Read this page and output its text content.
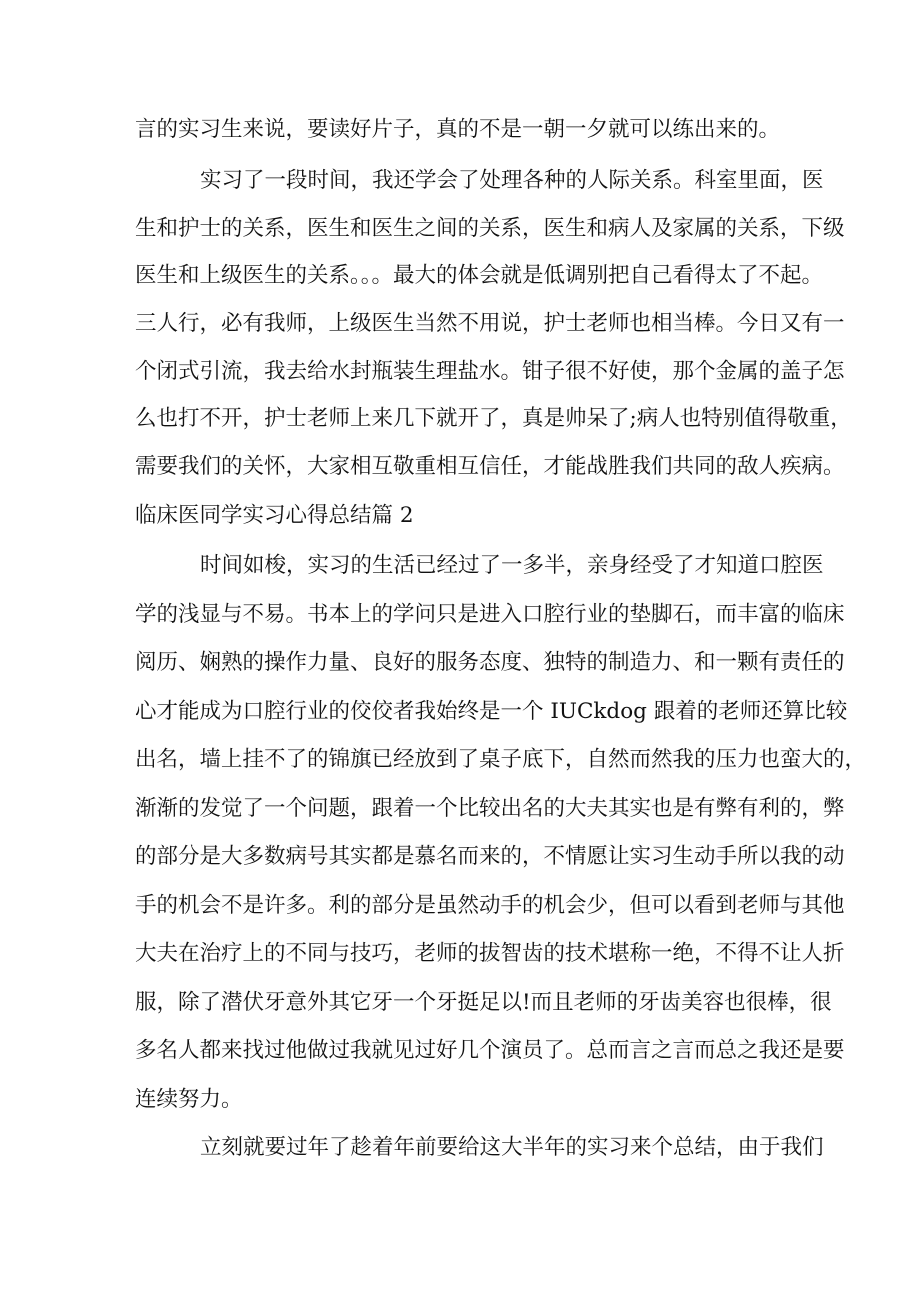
言的实习生来说，要读好片子，真的不是一朝一夕就可以练出来的。
实习了一段时间，我还学会了处理各种的人际关系。科室里面，医
生和护士的关系，医生和医生之间的关系，医生和病人及家属的关系，下级
医生和上级医生的关系。。。最大的体会就是低调别把自己看得太了不起。
三人行，必有我师，上级医生当然不用说，护士老师也相当棒。今日又有一
个闭式引流，我去给水封瓶装生理盐水。钳子很不好使，那个金属的盖子怎
么也打不开，护士老师上来几下就开了，真是帅呆了;病人也特别值得敬重，
需要我们的关怀，大家相互敬重相互信任，才能战胜我们共同的敌人疾病。
临床医同学实习心得总结篇 2
时间如梭，实习的生活已经过了一多半，亲身经受了才知道口腔医
学的浅显与不易。书本上的学问只是进入口腔行业的垫脚石，而丰富的临床
阅历、娴熟的操作力量、良好的服务态度、独特的制造力、和一颗有责任的
心才能成为口腔行业的佼佼者我始终是一个 IUCkdog 跟着的老师还算比较
出名，墙上挂不了的锦旗已经放到了桌子底下，自然而然我的压力也蛮大的，
渐渐的发觉了一个问题，跟着一个比较出名的大夫其实也是有弊有利的，弊
的部分是大多数病号其实都是慕名而来的，不情愿让实习生动手所以我的动
手的机会不是许多。利的部分是虽然动手的机会少，但可以看到老师与其他
大夫在治疗上的不同与技巧，老师的拔智齿的技术堪称一绝，不得不让人折
服，除了潜伏牙意外其它牙一个牙挺足以!而且老师的牙齿美容也很棒，很
多名人都来找过他做过我就见过好几个演员了。总而言之言而总之我还是要
连续努力。
立刻就要过年了趁着年前要给这大半年的实习来个总结，由于我们
